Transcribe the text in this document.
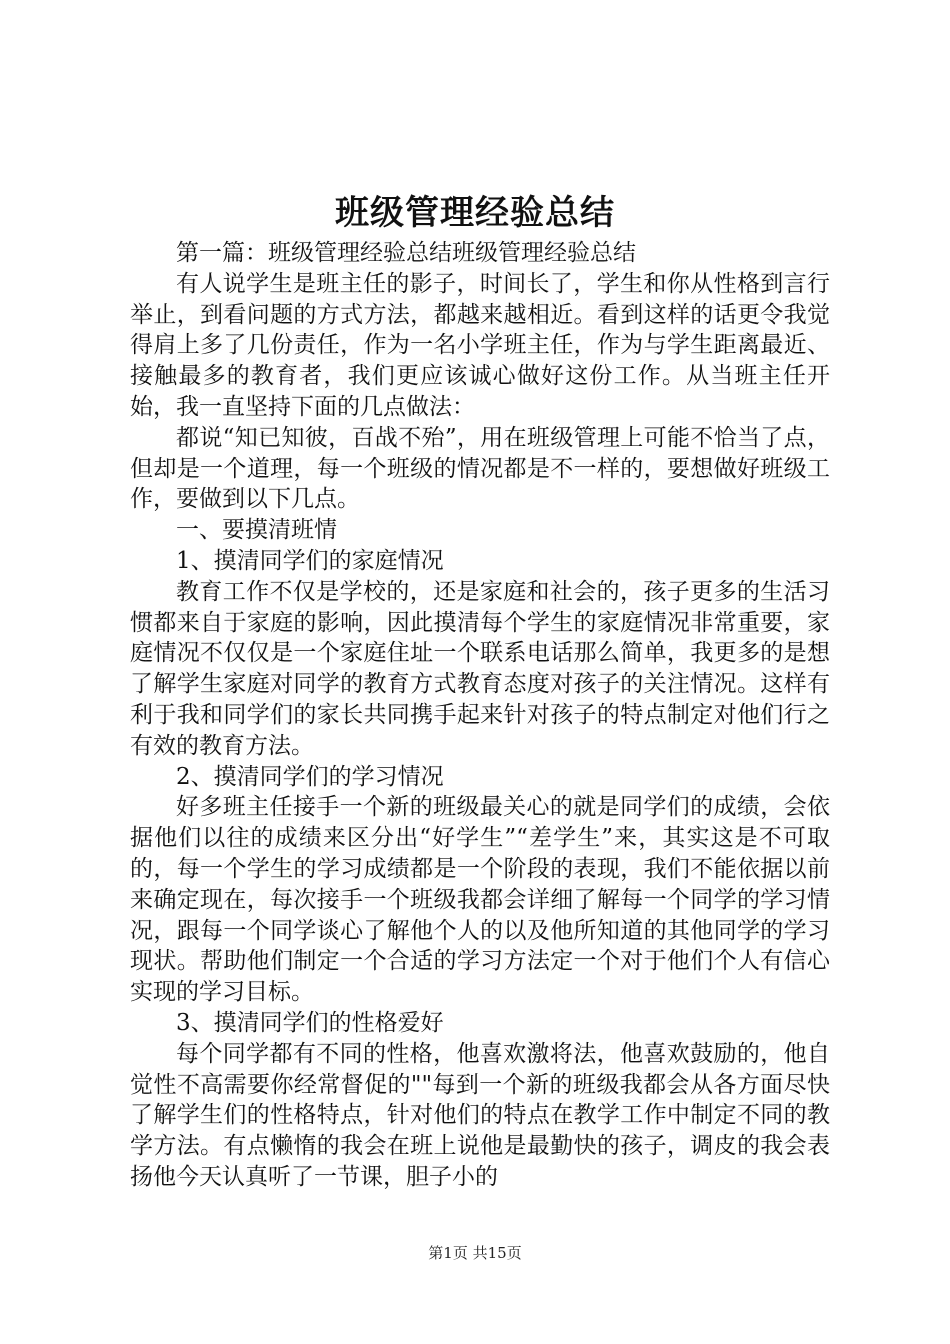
班级管理经验总结

第一篇：班级管理经验总结班级管理经验总结

有人说学生是班主任的影子，时间长了，学生和你从性格到言行举止，到看问题的方式方法，都越来越相近。看到这样的话更令我觉得肩上多了几份责任，作为一名小学班主任，作为与学生距离最近、接触最多的教育者，我们更应该诚心做好这份工作。从当班主任开始，我一直坚持下面的几点做法：

都说“知已知彼，百战不殆”，用在班级管理上可能不恰当了点，但却是一个道理，每一个班级的情况都是不一样的，要想做好班级工作，要做到以下几点。

一、要摸清班情

1、摸清同学们的家庭情况

教育工作不仅是学校的，还是家庭和社会的，孩子更多的生活习惯都来自于家庭的影响，因此摸清每个学生的家庭情况非常重要，家庭情况不仅仅是一个家庭住址一个联系电话那么简单，我更多的是想了解学生家庭对同学的教育方式教育态度对孩子的关注情况。这样有利于我和同学们的家长共同携手起来针对孩子的特点制定对他们行之有效的教育方法。

2、摸清同学们的学习情况

好多班主任接手一个新的班级最关心的就是同学们的成绩，会依据他们以往的成绩来区分出“好学生”“差学生”来，其实这是不可取的，每一个学生的学习成绩都是一个阶段的表现，我们不能依据以前来确定现在，每次接手一个班级我都会详细了解每一个同学的学习情况，跟每一个同学谈心了解他个人的以及他所知道的其他同学的学习现状。帮助他们制定一个合适的学习方法定一个对于他们个人有信心实现的学习目标。

3、摸清同学们的性格爱好

每个同学都有不同的性格，他喜欢激将法，他喜欢鼓励的，他自觉性不高需要你经常督促的""每到一个新的班级我都会从各方面尽快了解学生们的性格特点，针对他们的特点在教学工作中制定不同的教学方法。有点懒惰的我会在班上说他是最勤快的孩子，调皮的我会表扬他今天认真听了一节课，胆子小的

第1页 共15页
